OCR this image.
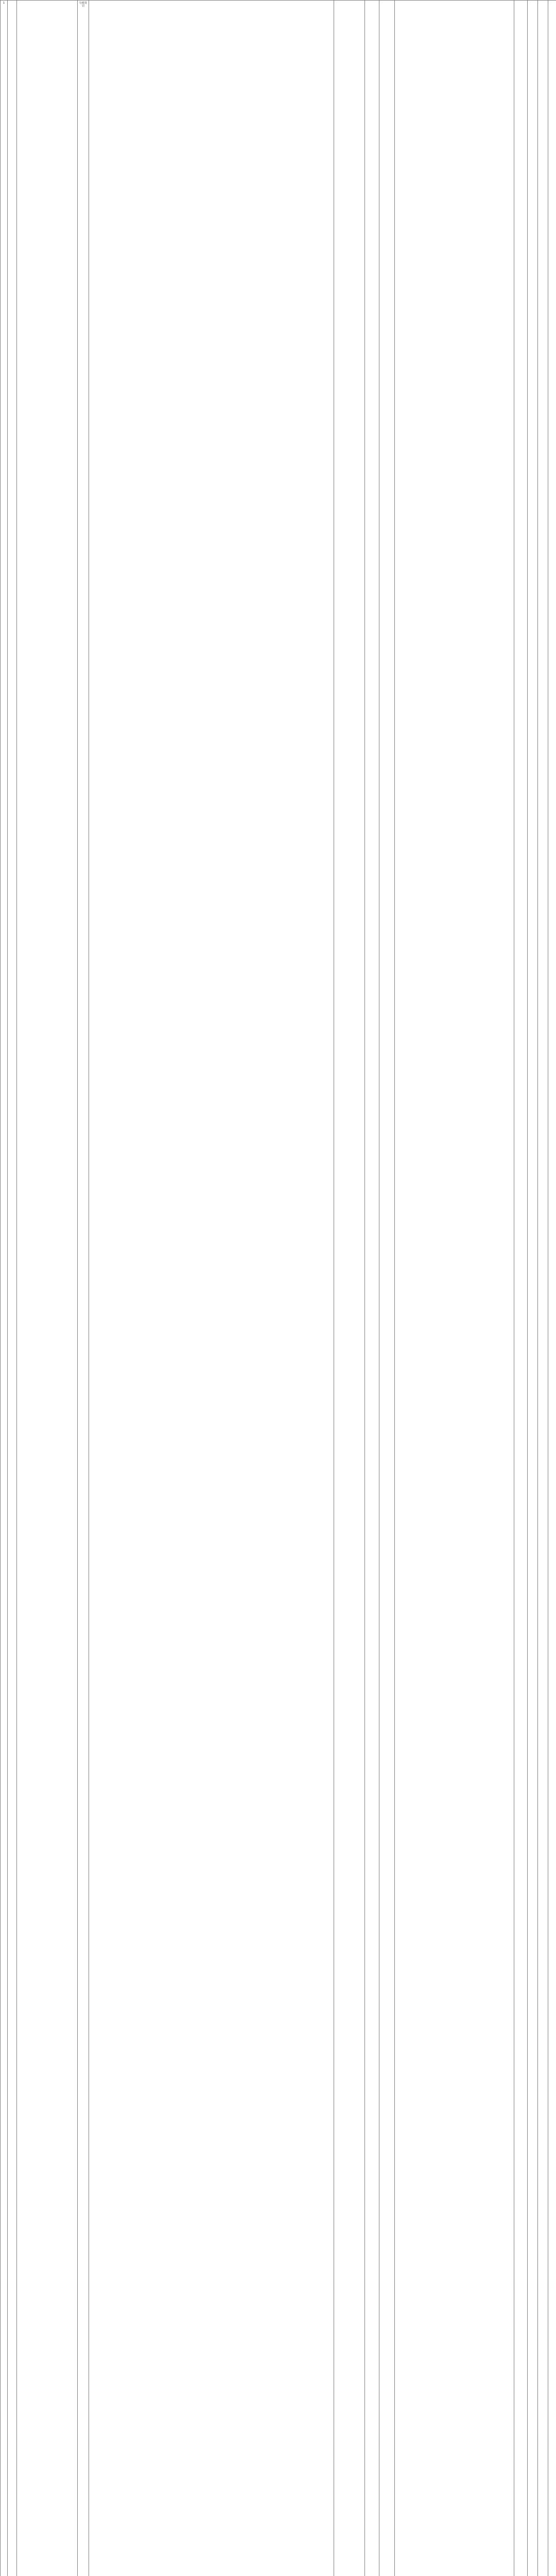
1			行政处罚	
